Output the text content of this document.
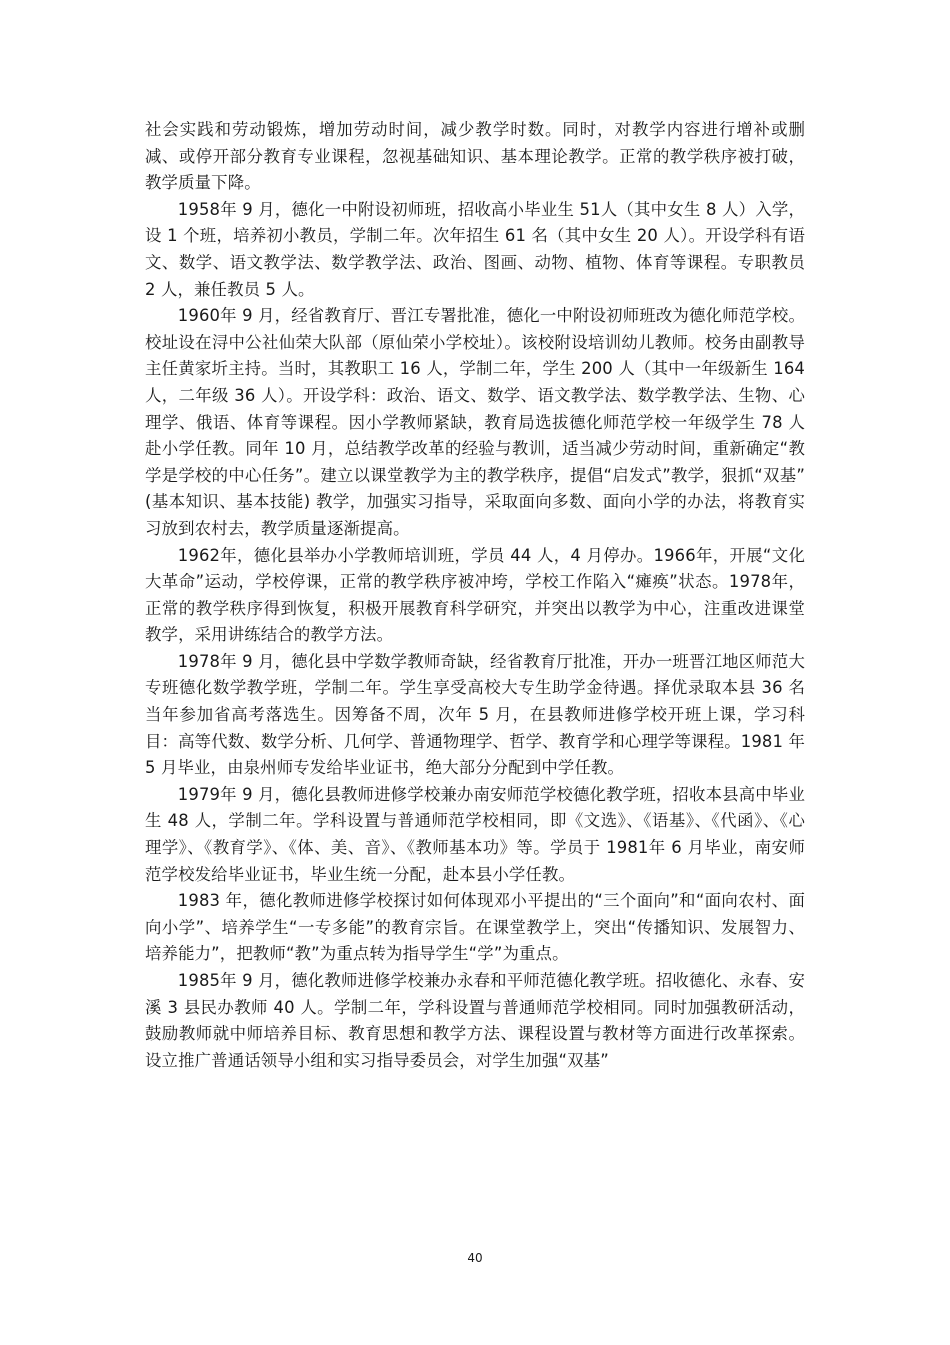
社会实践和劳动锻炼，增加劳动时间，减少教学时数。同时，对教学内容进行增补或删减、或停开部分教育专业课程，忽视基础知识、基本理论教学。正常的教学秩序被打破，教学质量下降。

1958年 9 月，德化一中附设初师班，招收高小毕业生 51人（其中女生 8 人）入学，设 1 个班，培养初小教员，学制二年。次年招生 61 名（其中女生 20 人）。开设学科有语文、数学、语文教学法、数学教学法、政治、图画、动物、植物、体育等课程。专职教员 2 人，兼任教员 5 人。

1960年 9 月，经省教育厅、晋江专署批准，德化一中附设初师班改为德化师范学校。校址设在浔中公社仙荣大队部（原仙荣小学校址）。该校附设培训幼儿教师。校务由副教导主任黄家圻主持。当时，其教职工 16 人，学制二年，学生 200 人（其中一年级新生 164人，二年级 36 人）。开设学科：政治、语文、数学、语文教学法、数学教学法、生物、心理学、俄语、体育等课程。因小学教师紧缺，教育局选拔德化师范学校一年级学生 78 人赴小学任教。同年 10 月，总结教学改革的经验与教训，适当减少劳动时间，重新确定“教学是学校的中心任务”。建立以课堂教学为主的教学秩序，提倡“启发式”教学，狠抓“双基” (基本知识、基本技能) 教学，加强实习指导，采取面向多数、面向小学的办法，将教育实习放到农村去，教学质量逐渐提高。

1962年，德化县举办小学教师培训班，学员 44 人，4 月停办。1966年，开展“文化大革命”运动，学校停课，正常的教学秩序被冲垮，学校工作陷入“瘫痪”状态。1978年，正常的教学秩序得到恢复，积极开展教育科学研究，并突出以教学为中心，注重改进课堂教学，采用讲练结合的教学方法。

1978年 9 月，德化县中学数学教师奇缺，经省教育厅批准，开办一班晋江地区师范大专班德化数学教学班，学制二年。学生享受高校大专生助学金待遇。择优录取本县 36 名当年参加省高考落选生。因筹备不周，次年 5 月，在县教师进修学校开班上课，学习科目：高等代数、数学分析、几何学、普通物理学、哲学、教育学和心理学等课程。1981 年 5 月毕业，由泉州师专发给毕业证书，绝大部分分配到中学任教。

1979年 9 月，德化县教师进修学校兼办南安师范学校德化教学班，招收本县高中毕业生 48 人，学制二年。学科设置与普通师范学校相同，即《文选》、《语基》、《代函》、《心理学》、《教育学》、《体、美、音》、《教师基本功》等。学员于 1981年 6 月毕业，南安师范学校发给毕业证书，毕业生统一分配，赴本县小学任教。

1983 年，德化教师进修学校探讨如何体现邓小平提出的“三个面向”和“面向农村、面向小学”、培养学生“一专多能”的教育宗旨。在课堂教学上，突出“传播知识、发展智力、培养能力”，把教师“教”为重点转为指导学生“学”为重点。

1985年 9 月，德化教师进修学校兼办永春和平师范德化教学班。招收德化、永春、安溪 3 县民办教师 40 人。学制二年，学科设置与普通师范学校相同。同时加强教研活动，鼓励教师就中师培养目标、教育思想和教学方法、课程设置与教材等方面进行改革探索。设立推广普通话领导小组和实习指导委员会，对学生加强“双基”

40
